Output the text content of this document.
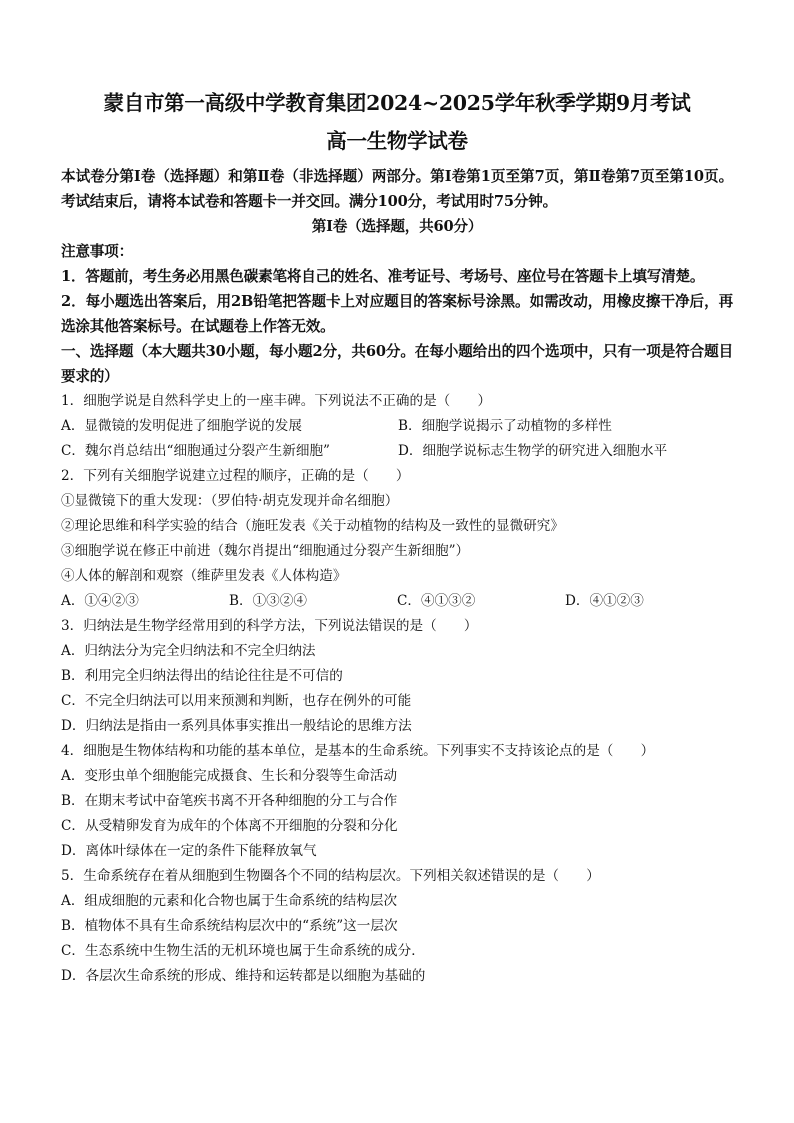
蒙自市第一高级中学教育集团2024~2025学年秋季学期9月考试

高一生物学试卷

本试卷分第Ⅰ卷（选择题）和第Ⅱ卷（非选择题）两部分。第Ⅰ卷第1页至第7页，第Ⅱ卷第7页至第10页。考试结束后，请将本试卷和答题卡一并交回。满分100分，考试用时75分钟。

第Ⅰ卷（选择题，共60分）

注意事项：

1．答题前，考生务必用黑色碳素笔将自己的姓名、准考证号、考场号、座位号在答题卡上填写清楚。

2．每小题选出答案后，用2B铅笔把答题卡上对应题目的答案标号涂黑。如需改动，用橡皮擦干净后，再选涂其他答案标号。在试题卷上作答无效。

一、选择题（本大题共30小题，每小题2分，共60分。在每小题给出的四个选项中，只有一项是符合题目要求的）

1．细胞学说是自然科学史上的一座丰碑。下列说法不正确的是（　　）

A．显微镜的发明促进了细胞学说的发展	B．细胞学说揭示了动植物的多样性
C．魏尔肖总结出“细胞通过分裂产生新细胞”	D．细胞学说标志生物学的研究进入细胞水平

2．下列有关细胞学说建立过程的顺序，正确的是（　　）

①显微镜下的重大发现：（罗伯特·胡克发现并命名细胞）

②理论思维和科学实验的结合（施旺发表《关于动植物的结构及一致性的显微研究》

③细胞学说在修正中前进（魏尔肖提出“细胞通过分裂产生新细胞”）

④人体的解剖和观察（维萨里发表《人体构造》

A．①④②③	B．①③②④	C．④①③②	D．④①②③

3．归纳法是生物学经常用到的科学方法，下列说法错误的是（　　）

A．归纳法分为完全归纳法和不完全归纳法

B．利用完全归纳法得出的结论往往是不可信的

C．不完全归纳法可以用来预测和判断，也存在例外的可能

D．归纳法是指由一系列具体事实推出一般结论的思维方法

4．细胞是生物体结构和功能的基本单位，是基本的生命系统。下列事实不支持该论点的是（　　）

A．变形虫单个细胞能完成摄食、生长和分裂等生命活动

B．在期末考试中奋笔疾书离不开各种细胞的分工与合作

C．从受精卵发育为成年的个体离不开细胞的分裂和分化

D．离体叶绿体在一定的条件下能释放氧气

5．生命系统存在着从细胞到生物圈各个不同的结构层次。下列相关叙述错误的是（　　）

A．组成细胞的元素和化合物也属于生命系统的结构层次

B．植物体不具有生命系统结构层次中的“系统”这一层次

C．生态系统中生物生活的无机环境也属于生命系统的成分．

D．各层次生命系统的形成、维持和运转都是以细胞为基础的
